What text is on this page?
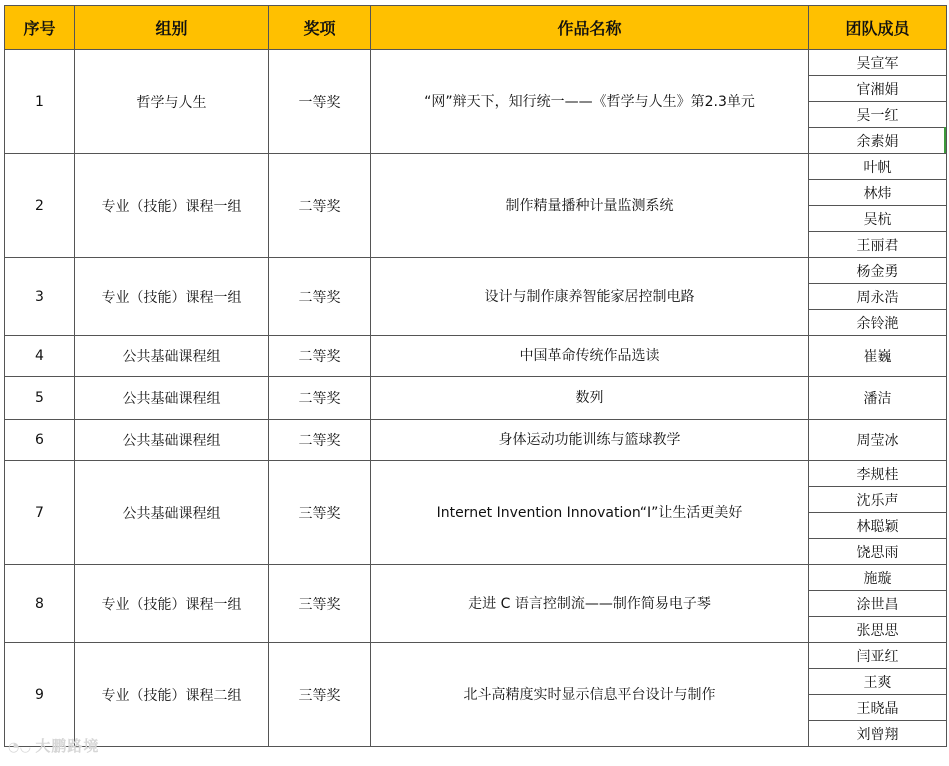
序号	组别	奖项	作品名称	团队成员
1	哲学与人生	一等奖	“网”辩天下，知行统一——《哲学与人生》第2.3单元	吴宣军
				官湘娟
				吴一红
				余素娟
2	专业（技能）课程一组	二等奖	制作精量播种计量监测系统	叶帆
				林炜
				吴杭
				王丽君
3	专业（技能）课程一组	二等奖	设计与制作康养智能家居控制电路	杨金勇
				周永浩
				余铃滟
4	公共基础课程组	二等奖	中国革命传统作品选读	崔巍
5	公共基础课程组	二等奖	数列	潘洁
6	公共基础课程组	二等奖	身体运动功能训练与篮球教学	周莹冰
7	公共基础课程组	三等奖	Internet Invention Innovation“I”让生活更美好	李规桂
				沈乐声
				林聪颖
				饶思雨
8	专业（技能）课程一组	三等奖	走进 C 语言控制流——制作简易电子琴	施璇
				涂世昌
				张思思
9	专业（技能）课程二组	三等奖	北斗高精度实时显示信息平台设计与制作	闫亚红
				王爽
				王晓晶
				刘曾翔
◔◡ 大鹏路境
